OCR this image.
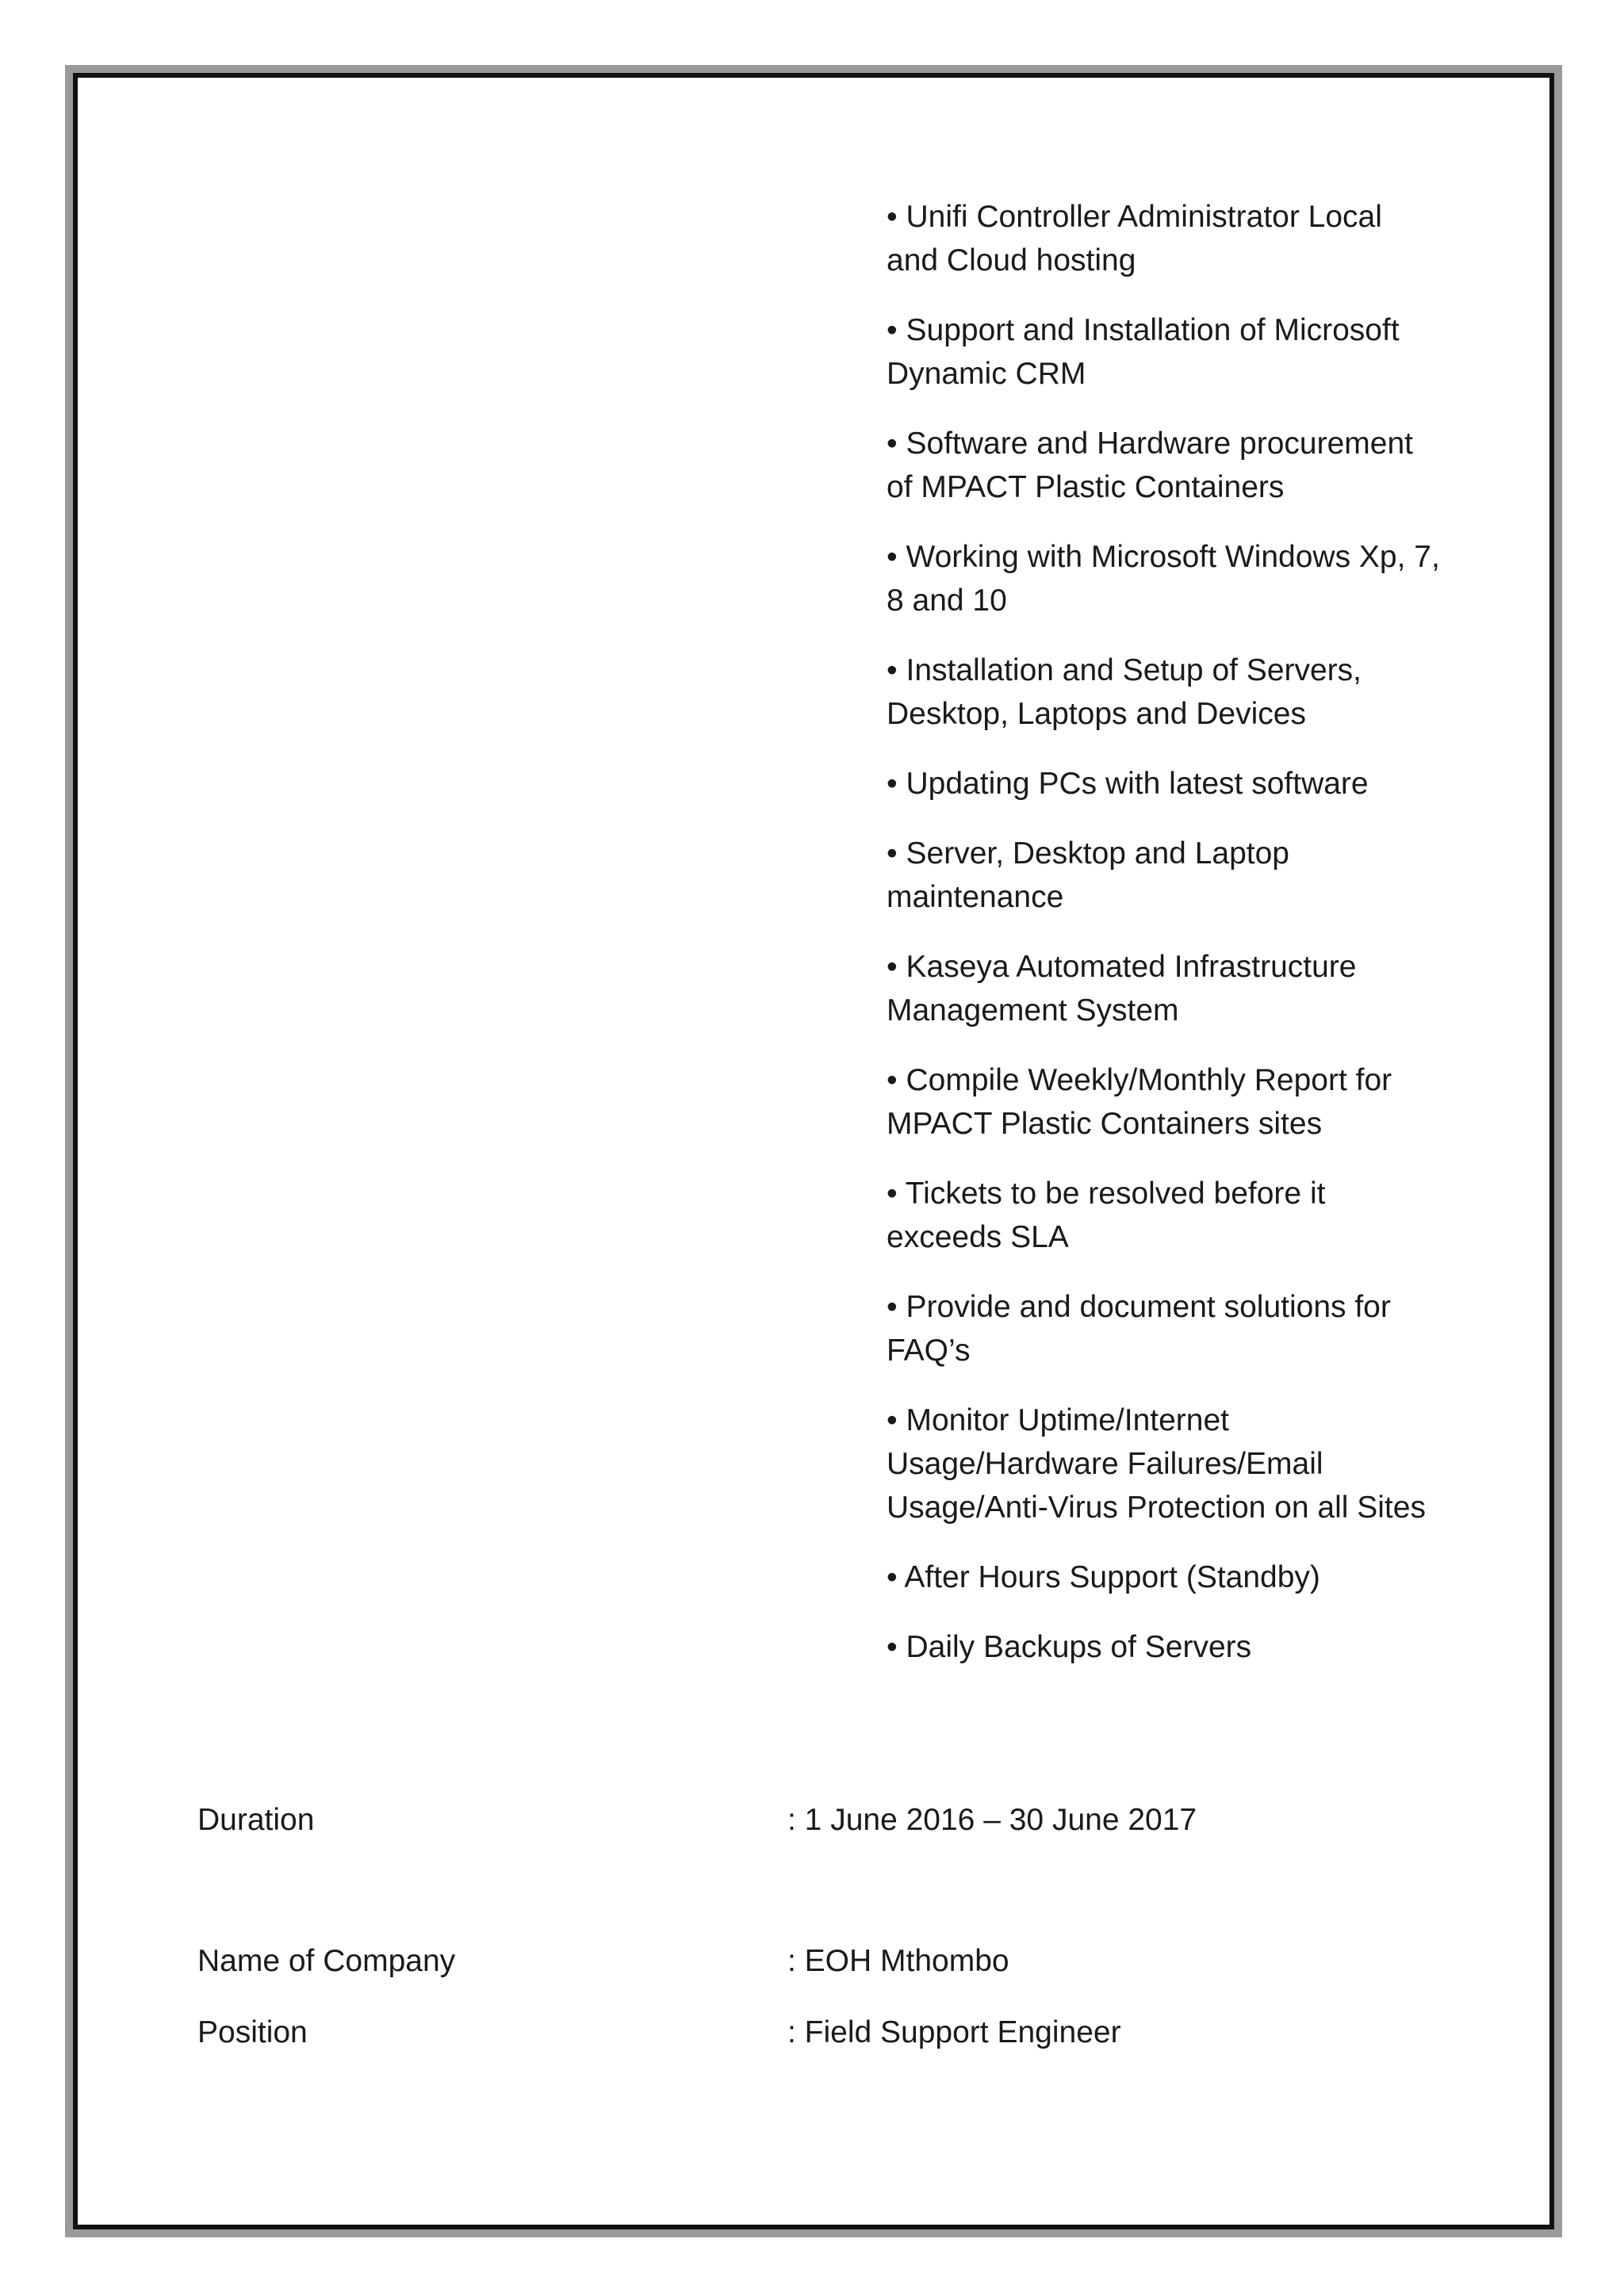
• Unifi Controller Administrator Local and Cloud hosting
• Support and Installation of Microsoft Dynamic CRM
• Software and Hardware procurement of MPACT Plastic Containers
• Working with Microsoft Windows Xp, 7, 8 and 10
• Installation and Setup of Servers, Desktop, Laptops and Devices
• Updating PCs with latest software
• Server, Desktop and Laptop maintenance
• Kaseya Automated Infrastructure Management System
• Compile Weekly/Monthly Report for MPACT Plastic Containers sites
• Tickets to be resolved before it exceeds SLA
• Provide and document solutions for FAQ’s
• Monitor Uptime/Internet Usage/Hardware Failures/Email Usage/Anti-Virus Protection on all Sites
• After Hours Support (Standby)
• Daily Backups of Servers
Duration	: 1 June 2016 – 30 June 2017
Name of Company	: EOH Mthombo
Position	: Field Support Engineer
